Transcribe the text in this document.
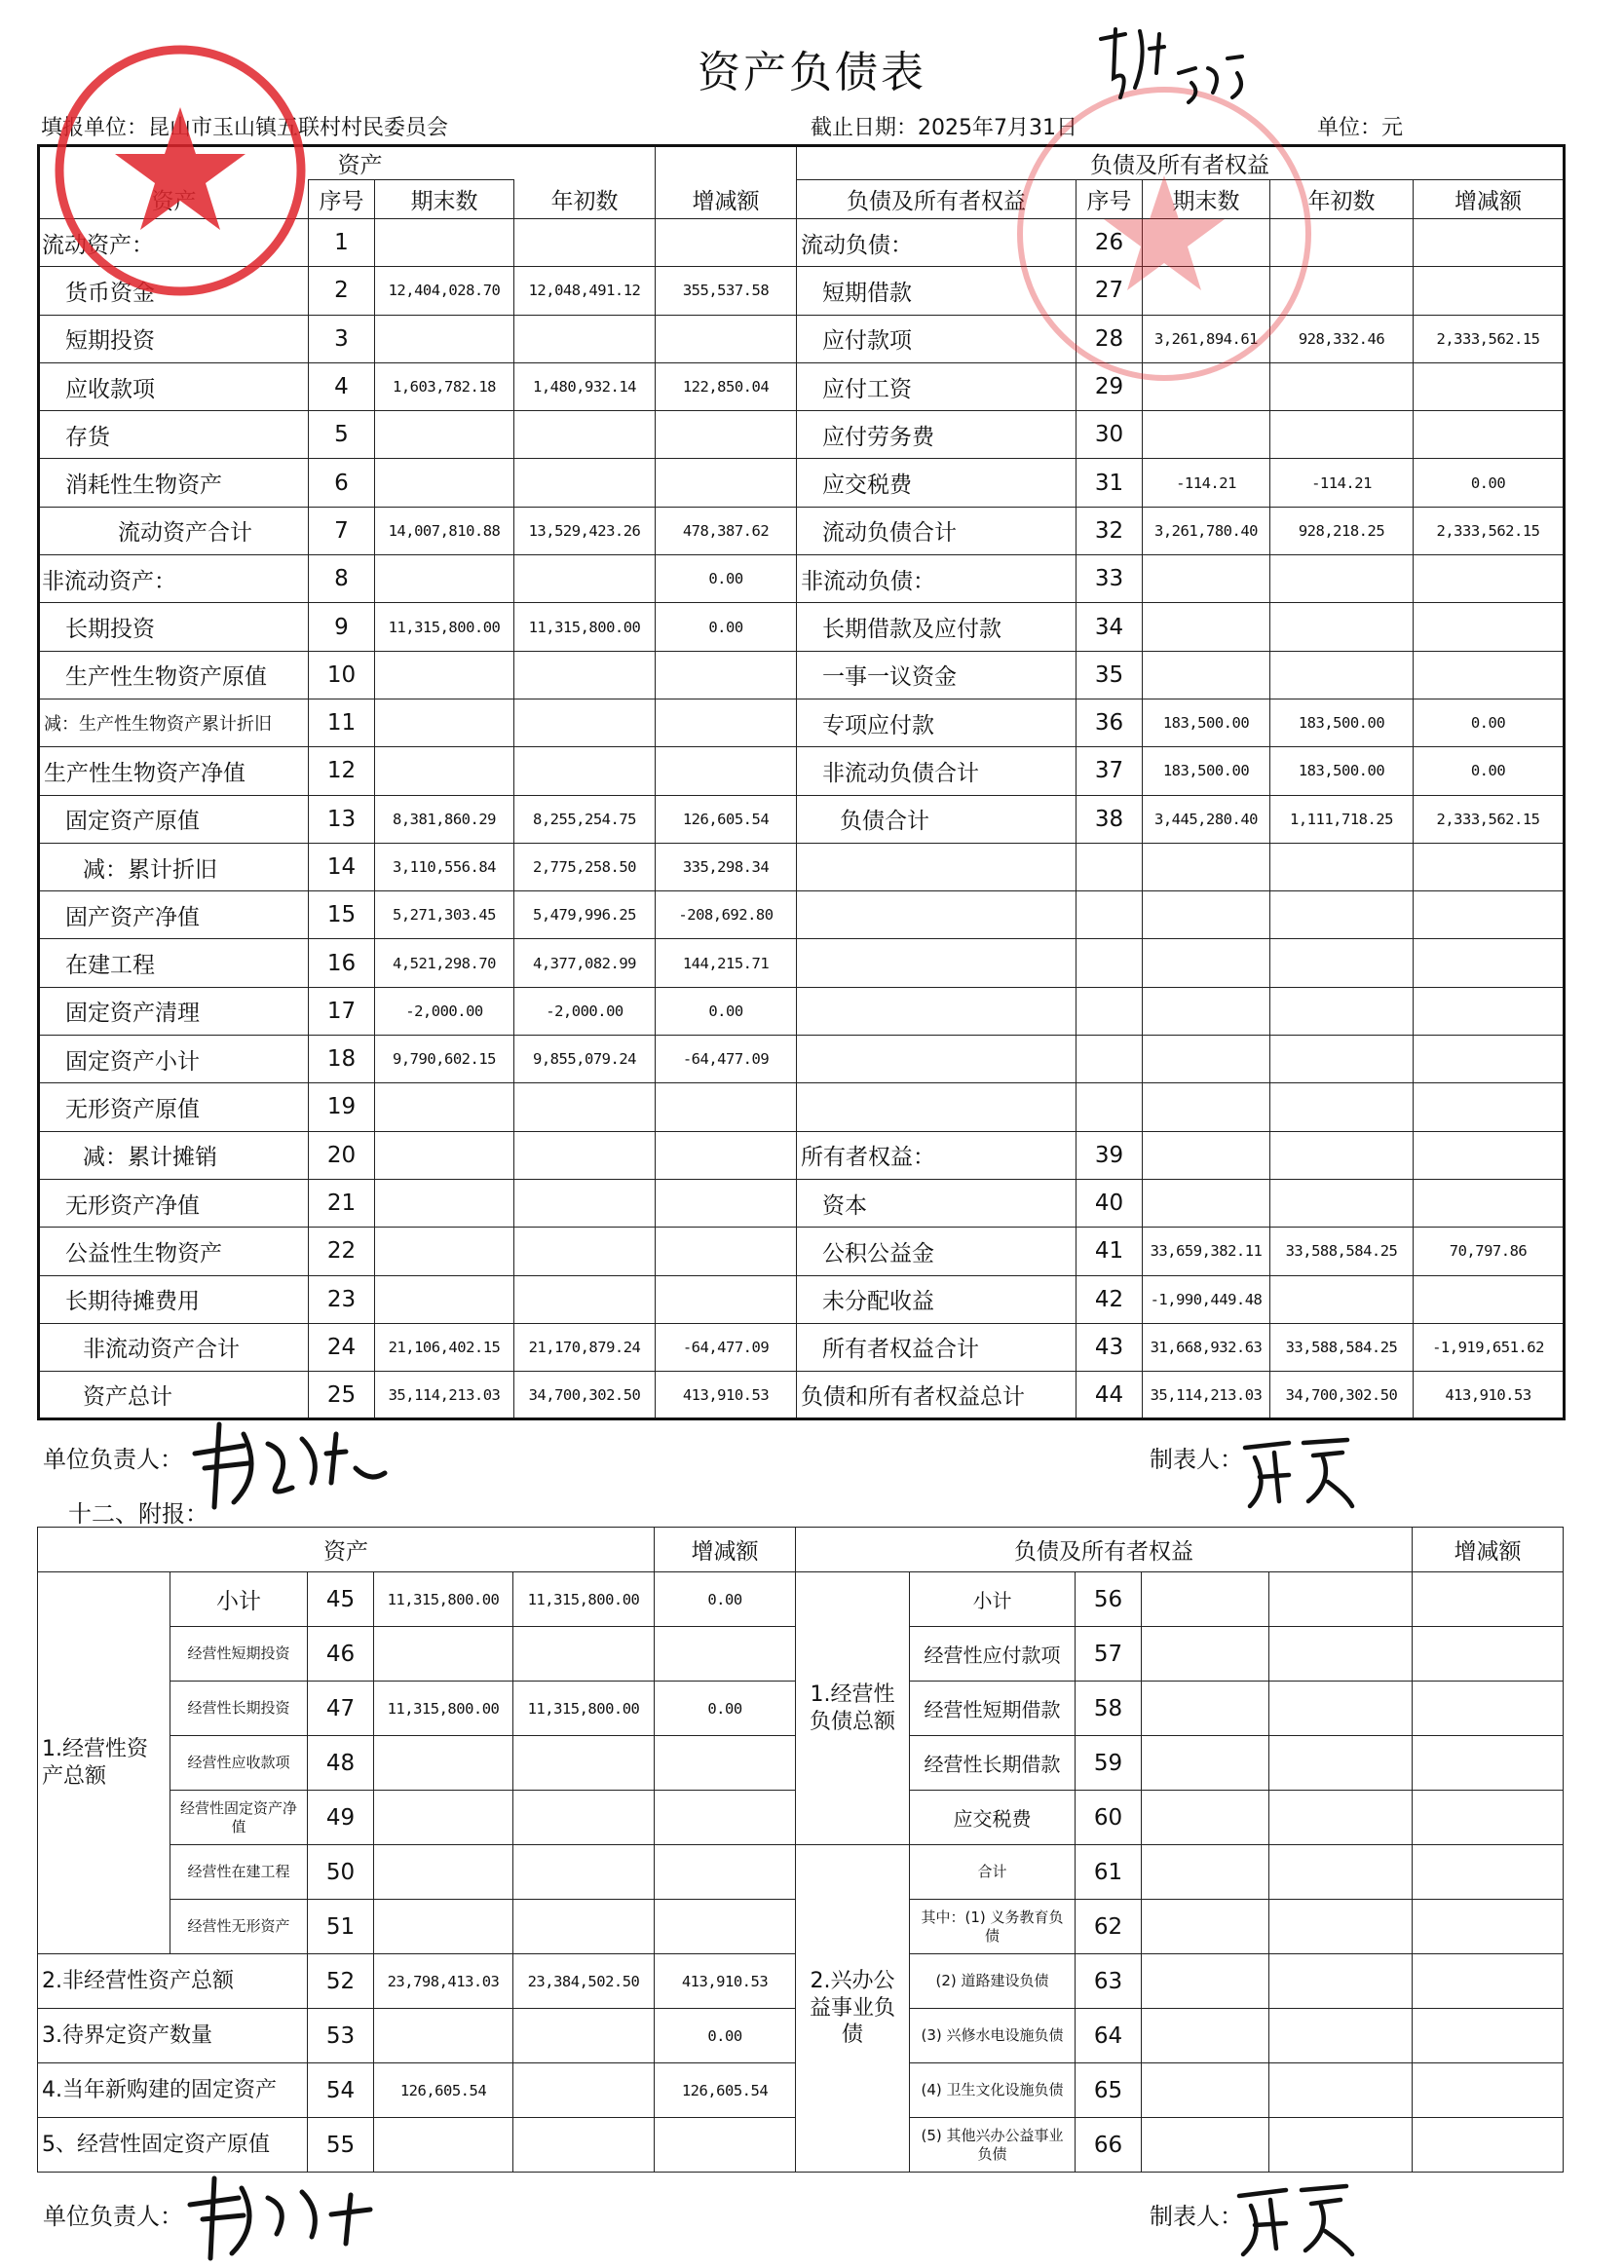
资产负债表
填报单位：昆山市玉山镇五联村村民委员会	截止日期：2025年7月31日	单位：元
	资产				负债及所有者权益				
	序号	期末数	年初数	增减额	负债及所有者权益	序号	期末数	年初数	增减额
流动资产：	1				流动负债：	26			
货币资金	2	12,404,028.70	12,048,491.12	355,537.58	短期借款	27			
短期投资	3				应付款项	28	3,261,894.61	928,332.46	2,333,562.15
应收款项	4	1,603,782.18	1,480,932.14	122,850.04	应付工资	29			
存货	5				应付劳务费	30			
消耗性生物资产	6				应交税费	31	-114.21	-114.21	0.00
流动资产合计	7	14,007,810.88	13,529,423.26	478,387.62	流动负债合计	32	3,261,780.40	928,218.25	2,333,562.15
非流动资产：	8			0.00	非流动负债：	33			
长期投资	9	11,315,800.00	11,315,800.00	0.00	长期借款及应付款	34			
生产性生物资产原值	10				一事一议资金	35			
减：生产性生物资产累计折旧	11				专项应付款	36	183,500.00	183,500.00	0.00
生产性生物资产净值	12				非流动负债合计	37	183,500.00	183,500.00	0.00
固定资产原值	13	8,381,860.29	8,255,254.75	126,605.54	负债合计	38	3,445,280.40	1,111,718.25	2,333,562.15
减：累计折旧	14	3,110,556.84	2,775,258.50	335,298.34					
固产资产净值	15	5,271,303.45	5,479,996.25	-208,692.80					
在建工程	16	4,521,298.70	4,377,082.99	144,215.71					
固定资产清理	17	-2,000.00	-2,000.00	0.00					
固定资产小计	18	9,790,602.15	9,855,079.24	-64,477.09					
无形资产原值	19								
减：累计摊销	20				所有者权益：	39			
无形资产净值	21				资本	40			
公益性生物资产	22				公积公益金	41	33,659,382.11	33,588,584.25	70,797.86
长期待摊费用	23				未分配收益	42	-1,990,449.48		
非流动资产合计	24	21,106,402.15	21,170,879.24	-64,477.09	所有者权益合计	43	31,668,932.63	33,588,584.25	-1,919,651.62
资产总计	25	35,114,213.03	34,700,302.50	413,910.53	负债和所有者权益总计	44	35,114,213.03	34,700,302.50	413,910.53
单位负责人：	制表人：
十二、附报：
资产					增减额	负债及所有者权益					增减额
1.经营性资产总额	小计	45	11,315,800.00	11,315,800.00	0.00	1.经营性负债总额	小计	56			
	经营性短期投资	46					经营性应付款项	57			
	经营性长期投资	47	11,315,800.00	11,315,800.00	0.00		经营性短期借款	58			
	经营性应收款项	48					经营性长期借款	59			
	经营性固定资产净值	49					应交税费	60			
	经营性在建工程	50				2.兴办公益事业负债	合计	61			
	经营性无形资产	51					其中：(1) 义务教育负债	62			
2.非经营性资产总额		52	23,798,413.03	23,384,502.50	413,910.53		(2) 道路建设负债	63			
3.待界定资产数量		53			0.00		(3) 兴修水电设施负债	64			
4.当年新购建的固定资产		54	126,605.54		126,605.54		(4) 卫生文化设施负债	65			
5、经营性固定资产原值		55					(5) 其他兴办公益事业负债	66			
单位负责人：	制表人：
